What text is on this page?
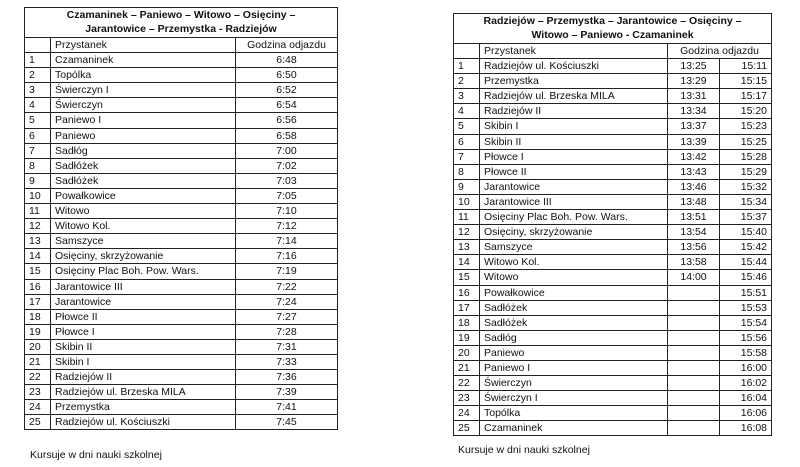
Czamaninek – Paniewo – Witowo – Osięciny –
Jarantowice – Przemystka - Radziejów		

	Przystanek	Godzina odjazdu
1	Czamaninek	6:48
2	Topólka	6:50
3	Świerczyn I	6:52
4	Świerczyn	6:54
5	Paniewo I	6:56
6	Paniewo	6:58
7	Sadłóg	7:00
8	Sadłóżek	7:02
9	Sadłóżek	7:03
10	Powałkowice	7:05
11	Witowo	7:10
12	Witowo Kol.	7:12
13	Samszyce	7:14
14	Osięciny, skrzyżowanie	7:16
15	Osięciny Plac Boh. Pow. Wars.	7:19
16	Jarantowice III	7:22
17	Jarantowice	7:24
18	Płowce II	7:27
19	Płowce I	7:28
20	Skibin II	7:31
21	Skibin I	7:33
22	Radziejów II	7:36
23	Radziejów ul. Brzeska MILA	7:39
24	Przemystka	7:41
25	Radziejów ul. Kościuszki	7:45
Kursuje w dni nauki szkolnej
Radziejów – Przemystka – Jarantowice – Osięciny –
Witowo – Paniewo - Czamaninek			

	Przystanek	Godzina odjazdu	
1	Radziejów ul. Kościuszki	13:25	15:11
2	Przemystka	13:29	15:15
3	Radziejów ul. Brzeska MILA	13:31	15:17
4	Radziejów II	13:34	15:20
5	Skibin I	13:37	15:23
6	Skibin II	13:39	15:25
7	Płowce I	13:42	15:28
8	Płowce II	13:43	15:29
9	Jarantowice	13:46	15:32
10	Jarantowice III	13:48	15:34
11	Osięciny Plac Boh. Pow. Wars.	13:51	15:37
12	Osięciny, skrzyżowanie	13:54	15:40
13	Samszyce	13:56	15:42
14	Witowo Kol.	13:58	15:44
15	Witowo	14:00	15:46
16	Powałkowice		15:51
17	Sadłóżek		15:53
18	Sadłóżek		15:54
19	Sadłóg		15:56
20	Paniewo		15:58
21	Paniewo I		16:00
22	Świerczyn		16:02
23	Świerczyn I		16:04
24	Topólka		16:06
25	Czamaninek		16:08
Kursuje w dni nauki szkolnej
